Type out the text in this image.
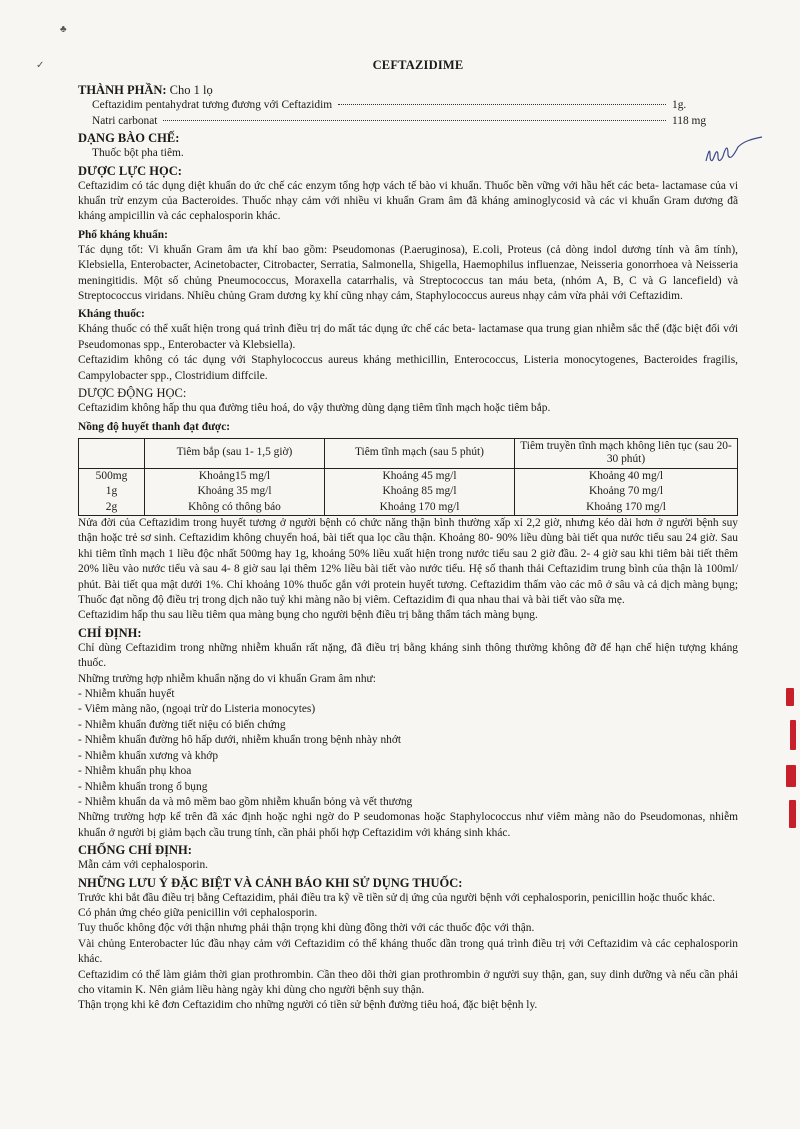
♣
✓	CEFTAZIDIME
THÀNH PHẦN: Cho 1 lọ
Ceftazidim pentahydrat tương đương với Ceftazidim	1g.
Natri carbonat	118 mg
DẠNG BÀO CHẾ:

Thuốc bột pha tiêm.

DƯỢC LỰC HỌC:

Ceftazidim có tác dụng diệt khuẩn do ức chế các enzym tổng hợp vách tế bào vi khuẩn. Thuốc bền vững với hầu hết các beta- lactamase của vi khuẩn trừ enzym của Bacteroides. Thuốc nhạy cảm với nhiều vi khuẩn Gram âm đã kháng aminoglycosid và các vi khuẩn Gram dương đã kháng ampicillin và các cephalosporin khác.

Phổ kháng khuẩn:

Tác dụng tốt: Vi khuẩn Gram âm ưa khí bao gồm: Pseudomonas (P.aeruginosa), E.coli, Proteus (cả dòng indol dương tính và âm tính), Klebsiella, Enterobacter, Acinetobacter, Citrobacter, Serratia, Salmonella, Shigella, Haemophilus influenzae, Neisseria gonorrhoea và Neisseria meningitidis. Một số chủng Pneumococcus, Moraxella catarrhalis, và Streptococcus tan máu beta, (nhóm A, B, C và G lancefield) và Streptococcus viridans. Nhiều chủng Gram dương kỵ khí cũng nhạy cảm, Staphylococcus aureus nhạy cảm vừa phải với Ceftazidim.

Kháng thuốc:

Kháng thuốc có thể xuất hiện trong quá trình điều trị do mất tác dụng ức chế các beta- lactamase qua trung gian nhiễm sắc thể (đặc biệt đối với Pseudomonas spp., Enterobacter và Klebsiella).

Ceftazidim không có tác dụng với Staphylococcus aureus kháng methicillin, Enterococcus, Listeria monocytogenes, Bacteroides fragilis, Campylobacter spp., Clostridium diffcile.

DƯỢC ĐỘNG HỌC:

Ceftazidim không hấp thu qua đường tiêu hoá, do vậy thường dùng dạng tiêm tĩnh mạch hoặc tiêm bắp.

Nồng độ huyết thanh đạt được:
	Tiêm bắp (sau 1- 1,5 giờ)	Tiêm tĩnh mạch (sau 5 phút)	Tiêm truyền tĩnh mạch không liên tục (sau 20- 30 phút)
500mg	Khoảng15 mg/l	Khoảng 45 mg/l	Khoảng 40 mg/l
1g	Khoảng 35 mg/l	Khoảng 85 mg/l	Khoảng 70 mg/l
2g	Không có thông báo	Khoảng 170 mg/l	Khoảng 170 mg/l

Nửa đời của Ceftazidim trong huyết tương ở người bệnh có chức năng thận bình thường xấp xỉ 2,2 giờ, nhưng kéo dài hơn ở người bệnh suy thận hoặc trẻ sơ sinh. Ceftazidim không chuyển hoá, bài tiết qua lọc cầu thận. Khoảng 80- 90% liều dùng bài tiết qua nước tiểu sau 24 giờ. Sau khi tiêm tĩnh mạch 1 liều độc nhất 500mg hay 1g, khoảng 50% liều xuất hiện trong nước tiểu sau 2 giờ đầu. 2- 4 giờ sau khi tiêm bài tiết thêm 20% liều vào nước tiểu và sau 4- 8 giờ sau lại thêm 12% liều bài tiết vào nước tiểu. Hệ số thanh thải Ceftazidim trung bình của thận là 100ml/ phút. Bài tiết qua mật dưới 1%. Chỉ khoảng 10% thuốc gắn với protein huyết tương. Ceftazidim thấm vào các mô ở sâu và cả dịch màng bụng; Thuốc đạt nồng độ điều trị trong dịch não tuỷ khi màng não bị viêm. Ceftazidim đi qua nhau thai và bài tiết vào sữa mẹ.

Ceftazidim hấp thu sau liều tiêm qua màng bụng cho người bệnh điều trị bằng thẩm tách màng bụng.

CHỈ ĐỊNH:

Chỉ dùng Ceftazidim trong những nhiễm khuẩn rất nặng, đã điều trị bằng kháng sinh thông thường không đỡ để hạn chế hiện tượng kháng thuốc.

Những trường hợp nhiễm khuẩn nặng do vi khuẩn Gram âm như:

- Nhiễm khuẩn huyết
- Viêm màng não, (ngoại trừ do Listeria monocytes)
- Nhiễm khuẩn đường tiết niệu có biến chứng
- Nhiễm khuẩn đường hô hấp dưới, nhiễm khuẩn trong bệnh nhày nhớt
- Nhiễm khuẩn xương và khớp
- Nhiễm khuẩn phụ khoa
- Nhiễm khuẩn trong ổ bụng
- Nhiễm khuẩn da và mô mềm bao gồm nhiễm khuẩn bỏng và vết thương

Những trường hợp kể trên đã xác định hoặc nghi ngờ do P seudomonas hoặc Staphylococcus như viêm màng não do Pseudomonas, nhiễm khuẩn ở người bị giảm bạch cầu trung tính, cần phải phối hợp Ceftazidim với kháng sinh khác.

CHỐNG CHỈ ĐỊNH:

Mẫn cảm với cephalosporin.

NHỮNG LƯU Ý ĐẶC BIỆT VÀ CẢNH BÁO KHI SỬ DỤNG THUỐC:

Trước khi bắt đầu điều trị bằng Ceftazidim, phải điều tra kỹ về tiền sử dị ứng của người bệnh với cephalosporin, penicillin hoặc thuốc khác.

Có phản ứng chéo giữa penicillin với cephalosporin.

Tuy thuốc không độc với thận nhưng phải thận trọng khi dùng đồng thời với các thuốc độc với thận.

Vài chủng Enterobacter lúc đầu nhạy cảm với Ceftazidim có thể kháng thuốc dần trong quá trình điều trị với Ceftazidim và các cephalosporin khác.

Ceftazidim có thể làm giảm thời gian prothrombin. Cần theo dõi thời gian prothrombin ở người suy thận, gan, suy dinh dưỡng và nếu cần phải cho vitamin K. Nên giảm liều hàng ngày khi dùng cho người bệnh suy thận.

Thận trọng khi kê đơn Ceftazidim cho những người có tiền sử bệnh đường tiêu hoá, đặc biệt bệnh ly.
